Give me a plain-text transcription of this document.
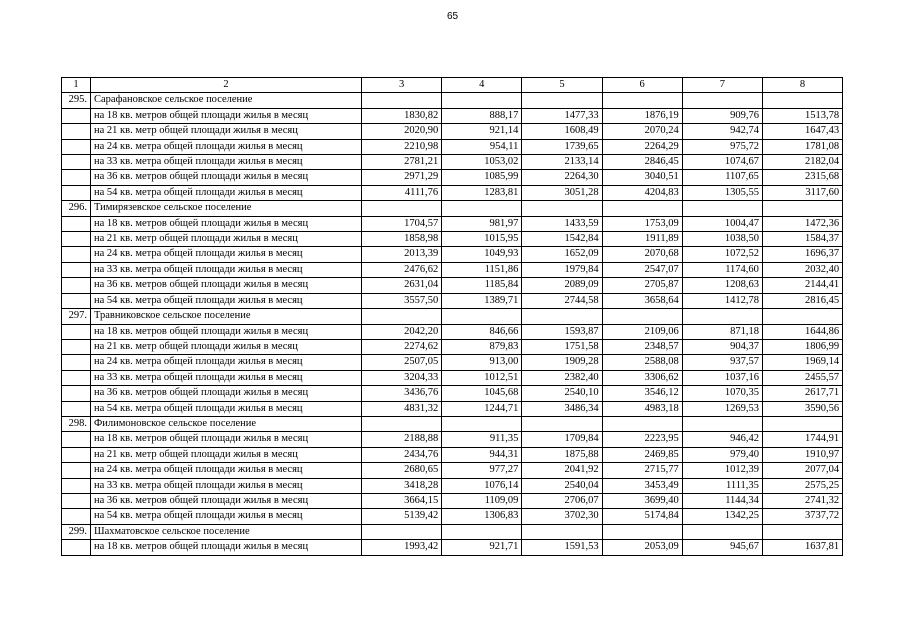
65
1	2	3	4	5	6	7	8
295.	Сарафановское сельское поселение						
	на 18 кв. метров общей площади жилья в месяц	1830,82	888,17	1477,33	1876,19	909,76	1513,78
	на 21 кв. метр общей площади жилья в месяц	2020,90	921,14	1608,49	2070,24	942,74	1647,43
	на 24 кв. метра общей площади жилья в месяц	2210,98	954,11	1739,65	2264,29	975,72	1781,08
	на 33 кв. метра общей площади жилья в месяц	2781,21	1053,02	2133,14	2846,45	1074,67	2182,04
	на 36 кв. метров общей площади жилья в месяц	2971,29	1085,99	2264,30	3040,51	1107,65	2315,68
	на 54 кв. метра общей площади жилья в месяц	4111,76	1283,81	3051,28	4204,83	1305,55	3117,60
296.	Тимирязевское сельское поселение						
	на 18 кв. метров общей площади жилья в месяц	1704,57	981,97	1433,59	1753,09	1004,47	1472,36
	на 21 кв. метр общей площади жилья в месяц	1858,98	1015,95	1542,84	1911,89	1038,50	1584,37
	на 24 кв. метра общей площади жилья в месяц	2013,39	1049,93	1652,09	2070,68	1072,52	1696,37
	на 33 кв. метра общей площади жилья в месяц	2476,62	1151,86	1979,84	2547,07	1174,60	2032,40
	на 36 кв. метров общей площади жилья в месяц	2631,04	1185,84	2089,09	2705,87	1208,63	2144,41
	на 54 кв. метра общей площади жилья в месяц	3557,50	1389,71	2744,58	3658,64	1412,78	2816,45
297.	Травниковское сельское поселение						
	на 18 кв. метров общей площади жилья в месяц	2042,20	846,66	1593,87	2109,06	871,18	1644,86
	на 21 кв. метр общей площади жилья в месяц	2274,62	879,83	1751,58	2348,57	904,37	1806,99
	на 24 кв. метра общей площади жилья в месяц	2507,05	913,00	1909,28	2588,08	937,57	1969,14
	на 33 кв. метра общей площади жилья в месяц	3204,33	1012,51	2382,40	3306,62	1037,16	2455,57
	на 36 кв. метров общей площади жилья в месяц	3436,76	1045,68	2540,10	3546,12	1070,35	2617,71
	на 54 кв. метра общей площади жилья в месяц	4831,32	1244,71	3486,34	4983,18	1269,53	3590,56
298.	Филимоновское сельское поселение						
	на 18 кв. метров общей площади жилья в месяц	2188,88	911,35	1709,84	2223,95	946,42	1744,91
	на 21 кв. метр общей площади жилья в месяц	2434,76	944,31	1875,88	2469,85	979,40	1910,97
	на 24 кв. метра общей площади жилья в месяц	2680,65	977,27	2041,92	2715,77	1012,39	2077,04
	на 33 кв. метра общей площади жилья в месяц	3418,28	1076,14	2540,04	3453,49	1111,35	2575,25
	на 36 кв. метров общей площади жилья в месяц	3664,15	1109,09	2706,07	3699,40	1144,34	2741,32
	на 54 кв. метра общей площади жилья в месяц	5139,42	1306,83	3702,30	5174,84	1342,25	3737,72
299.	Шахматовское сельское поселение						
	на 18 кв. метров общей площади жилья в месяц	1993,42	921,71	1591,53	2053,09	945,67	1637,81
